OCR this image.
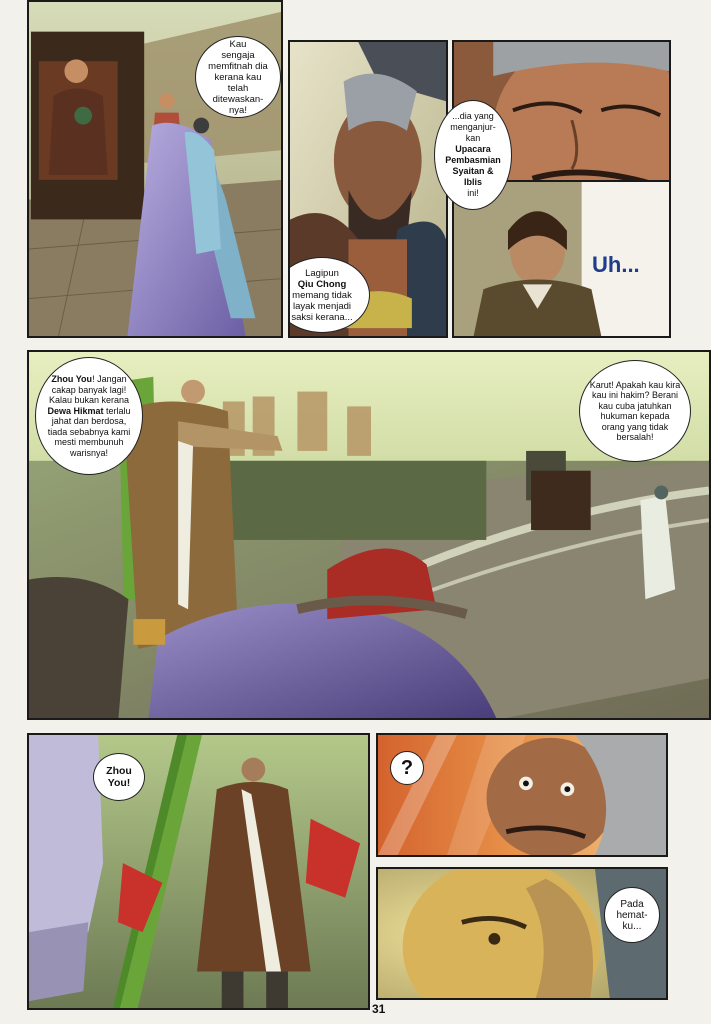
Kau
sengaja
memfitnah dia
kerana kau telah
ditewaskan-
nya!
Lagipun
Qiu Chong
memang tidak layak menjadi saksi kerana...
Uh...
...dia yang menganjur-kan
Upacara Pembasmian Syaitan & Iblis
ini!
Zhou You! Jangan cakap banyak lagi! Kalau bukan kerana Dewa Hikmat terlalu jahat dan berdosa, tiada sebabnya kami mesti membunuh warisnya!
Karut! Apakah kau kira kau ini hakim? Berani kau cuba jatuhkan hukuman kepada orang yang tidak bersalah!
Zhou
You!
?
Pada
hemat-
ku...
31
